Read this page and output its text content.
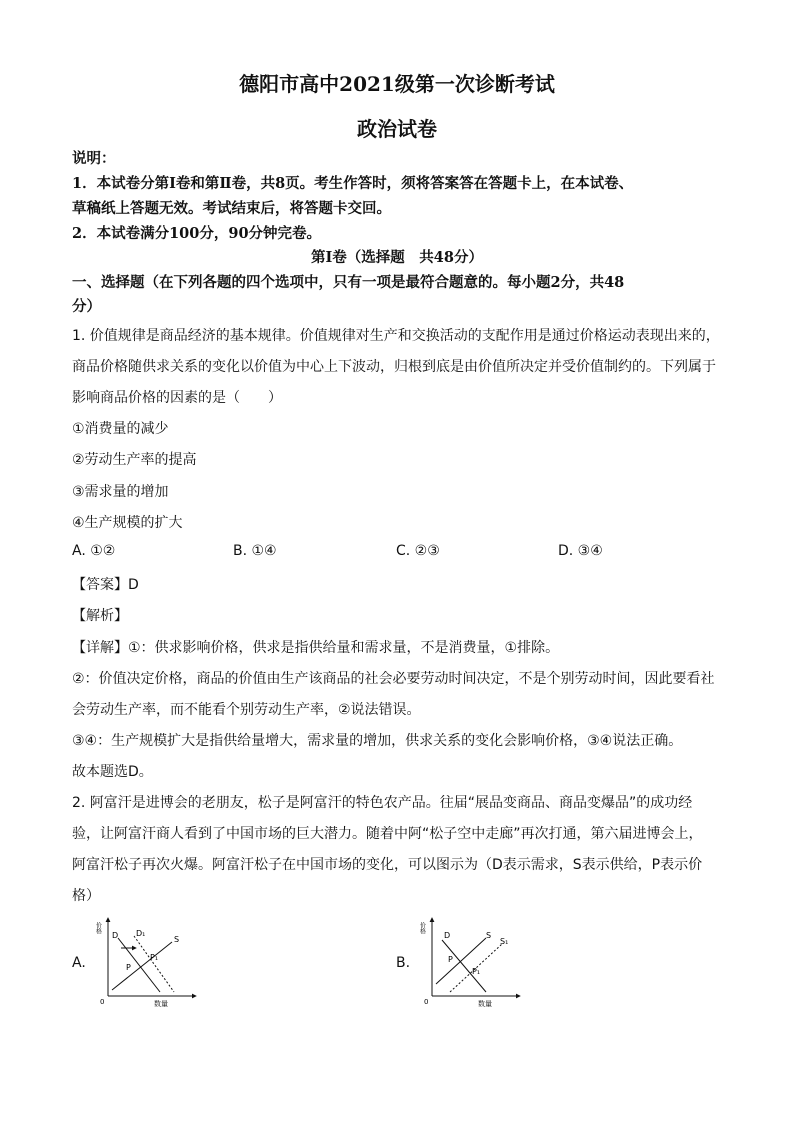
德阳市高中2021级第一次诊断考试
政治试卷
说明：
1．本试卷分第Ⅰ卷和第Ⅱ卷，共8页。考生作答时，须将答案答在答题卡上，在本试卷、
草稿纸上答题无效。考试结束后，将答题卡交回。
2．本试卷满分100分，90分钟完卷。
第Ⅰ卷（选择题　共48分）
一、选择题（在下列各题的四个选项中，只有一项是最符合题意的。每小题2分，共48
分）
1. 价值规律是商品经济的基本规律。价值规律对生产和交换活动的支配作用是通过价格运动表现出来的，
商品价格随供求关系的变化以价值为中心上下波动，归根到底是由价值所决定并受价值制约的。下列属于
影响商品价格的因素的是（　　）
①消费量的减少
②劳动生产率的提高
③需求量的增加
④生产规模的扩大
A. ①②	B. ①④	C. ②③	D. ③④
【答案】D
【解析】
【详解】①：供求影响价格，供求是指供给量和需求量，不是消费量，①排除。
②：价值决定价格，商品的价值由生产该商品的社会必要劳动时间决定，不是个别劳动时间，因此要看社
会劳动生产率，而不能看个别劳动生产率，②说法错误。
③④：生产规模扩大是指供给量增大，需求量的增加，供求关系的变化会影响价格，③④说法正确。
故本题选D。
2. 阿富汗是进博会的老朋友，松子是阿富汗的特色农产品。往届“展品变商品、商品变爆品”的成功经
验，让阿富汗商人看到了中国市场的巨大潜力。随着中阿“松子空中走廊”再次打通，第六届进博会上，
阿富汗松子再次火爆。阿富汗松子在中国市场的变化，可以图示为（D表示需求，S表示供给，P表示价
格）
A.	B.
价格
数量
0
D D₁
S
P
P₁
价格
数量
0
D	S
S₁
P
P₁
